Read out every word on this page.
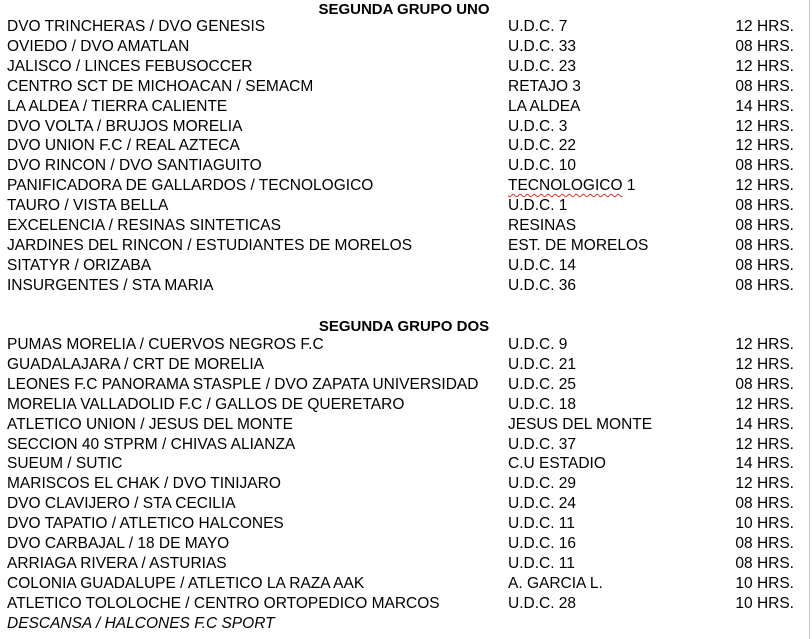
SEGUNDA GRUPO UNO
DVO TRINCHERAS / DVO GENESIS	U.D.C. 7	12 HRS.
OVIEDO / DVO AMATLAN	U.D.C. 33	08 HRS.
JALISCO / LINCES FEBUSOCCER	U.D.C. 23	12 HRS.
CENTRO SCT DE MICHOACAN / SEMACM	RETAJO 3	08 HRS.
LA ALDEA / TIERRA CALIENTE	LA ALDEA	14 HRS.
DVO VOLTA / BRUJOS MORELIA	U.D.C. 3	12 HRS.
DVO UNION F.C / REAL AZTECA	U.D.C. 22	12 HRS.
DVO RINCON / DVO SANTIAGUITO	U.D.C. 10	08 HRS.
PANIFICADORA DE GALLARDOS / TECNOLOGICO	TECNOLOGICO 1	12 HRS.
TAURO / VISTA BELLA	U.D.C. 1	08 HRS.
EXCELENCIA / RESINAS SINTETICAS	RESINAS	08 HRS.
JARDINES DEL RINCON / ESTUDIANTES DE MORELOS	EST. DE MORELOS	08 HRS.
SITATYR / ORIZABA	U.D.C. 14	08 HRS.
INSURGENTES / STA MARIA	U.D.C. 36	08 HRS.
SEGUNDA GRUPO DOS
PUMAS MORELIA / CUERVOS NEGROS F.C	U.D.C. 9	12 HRS.
GUADALAJARA / CRT DE MORELIA	U.D.C. 21	12 HRS.
LEONES F.C PANORAMA STASPLE / DVO ZAPATA UNIVERSIDAD U.D.C. 25	08 HRS.
MORELIA VALLADOLID F.C / GALLOS DE QUERETARO	U.D.C. 18	12 HRS.
ATLETICO UNION / JESUS DEL MONTE	JESUS DEL MONTE	14 HRS.
SECCION 40 STPRM / CHIVAS ALIANZA	U.D.C. 37	12 HRS.
SUEUM / SUTIC	C.U ESTADIO	14 HRS.
MARISCOS EL CHAK / DVO TINIJARO	U.D.C. 29	12 HRS.
DVO CLAVIJERO / STA CECILIA	U.D.C. 24	08 HRS.
DVO TAPATIO / ATLETICO HALCONES	U.D.C. 11	10 HRS.
DVO CARBAJAL / 18 DE MAYO	U.D.C. 16	08 HRS.
ARRIAGA RIVERA / ASTURIAS	U.D.C. 11	08 HRS.
COLONIA GUADALUPE / ATLETICO LA RAZA AAK	A. GARCIA L.	10 HRS.
ATLETICO TOLOLOCHE / CENTRO ORTOPEDICO MARCOS	U.D.C. 28	10 HRS.
DESCANSA / HALCONES F.C SPORT
